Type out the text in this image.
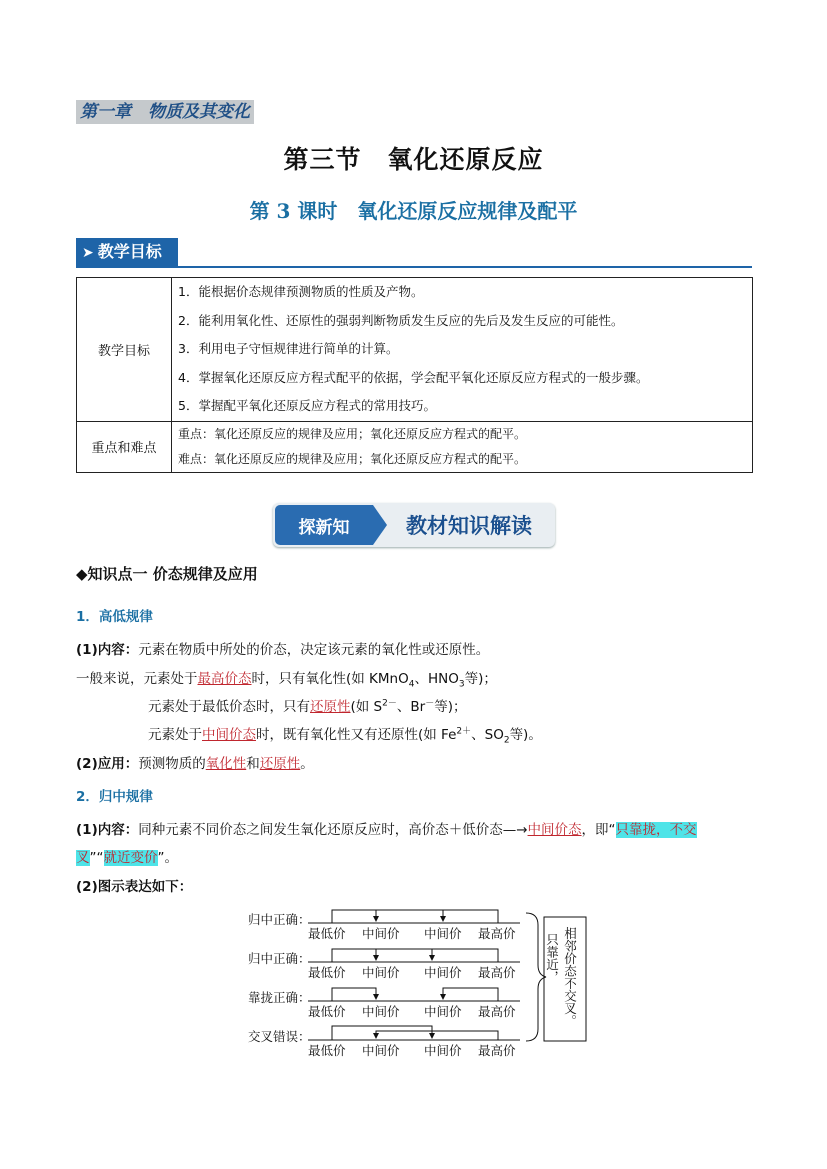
第一章　物质及其变化
第三节　氧化还原反应
第 3 课时　氧化还原反应规律及配平
➤ 教学目标
教学目标	1．能根据价态规律预测物质的性质及产物。
2．能利用氧化性、还原性的强弱判断物质发生反应的先后及发生反应的可能性。
3．利用电子守恒规律进行简单的计算。
4．掌握氧化还原反应方程式配平的依据，学会配平氧化还原反应方程式的一般步骤。
5．掌握配平氧化还原反应方程式的常用技巧。

重点和难点	重点：氧化还原反应的规律及应用；氧化还原反应方程式的配平。
难点：氧化还原反应的规律及应用；氧化还原反应方程式的配平。
探新知	教材知识解读
◆知识点一 价态规律及应用
1．高低规律
(1)内容：元素在物质中所处的价态，决定该元素的氧化性或还原性。
一般来说，元素处于最高价态时，只有氧化性(如 KMnO$_4$、$HNO_3$等)；
元素处于最低价态时，只有还原性(如 $S^{2-}$、Br－等)；
元素处于中间价态时，既有氧化性又有还原性(如 $Fe^{2+}$、$SO_2$等)。
(2)应用：预测物质的氧化性和还原性。
2．归中规律
(1)内容：同种元素不同价态之间发生氧化还原反应时，高价态＋低价态—→中间价态，即“只靠拢，不交
叉”“就近变价”。
(2)图示表达如下：
归中正确：
最低价 中间价 中间价 最高价
归中正确：
最低价 中间价 中间价 最高价
靠拢正确：
最低价 中间价 中间价 最高价
交叉错误：
最低价 中间价 中间价 最高价
只靠近， 相邻价态不交叉。
